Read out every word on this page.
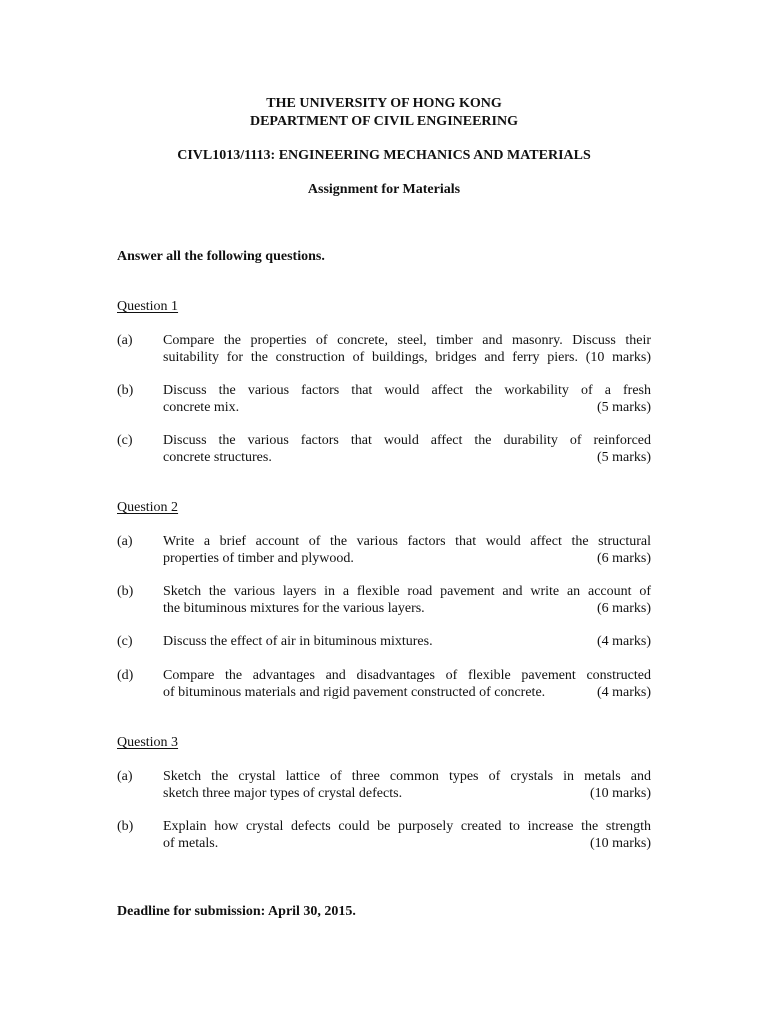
THE UNIVERSITY OF HONG KONG
DEPARTMENT OF CIVIL ENGINEERING
CIVL1013/1113: ENGINEERING MECHANICS AND MATERIALS
Assignment for Materials
Answer all the following questions.
Question 1
(a) Compare the properties of concrete, steel, timber and masonry. Discuss their
suitability for the construction of buildings, bridges and ferry piers. (10 marks)
(b) Discuss the various factors that would affect the workability of a fresh
concrete mix.	(5 marks)
(c) Discuss the various factors that would affect the durability of reinforced
concrete structures.	(5 marks)
Question 2
(a) Write a brief account of the various factors that would affect the structural
properties of timber and plywood.	(6 marks)
(b) Sketch the various layers in a flexible road pavement and write an account of
the bituminous mixtures for the various layers.	(6 marks)
(c) Discuss the effect of air in bituminous mixtures.	(4 marks)
(d) Compare the advantages and disadvantages of flexible pavement constructed
of bituminous materials and rigid pavement constructed of concrete.	(4 marks)
Question 3
(a) Sketch the crystal lattice of three common types of crystals in metals and
sketch three major types of crystal defects.	(10 marks)
(b) Explain how crystal defects could be purposely created to increase the strength
of metals.	(10 marks)
Deadline for submission: April 30, 2015.
